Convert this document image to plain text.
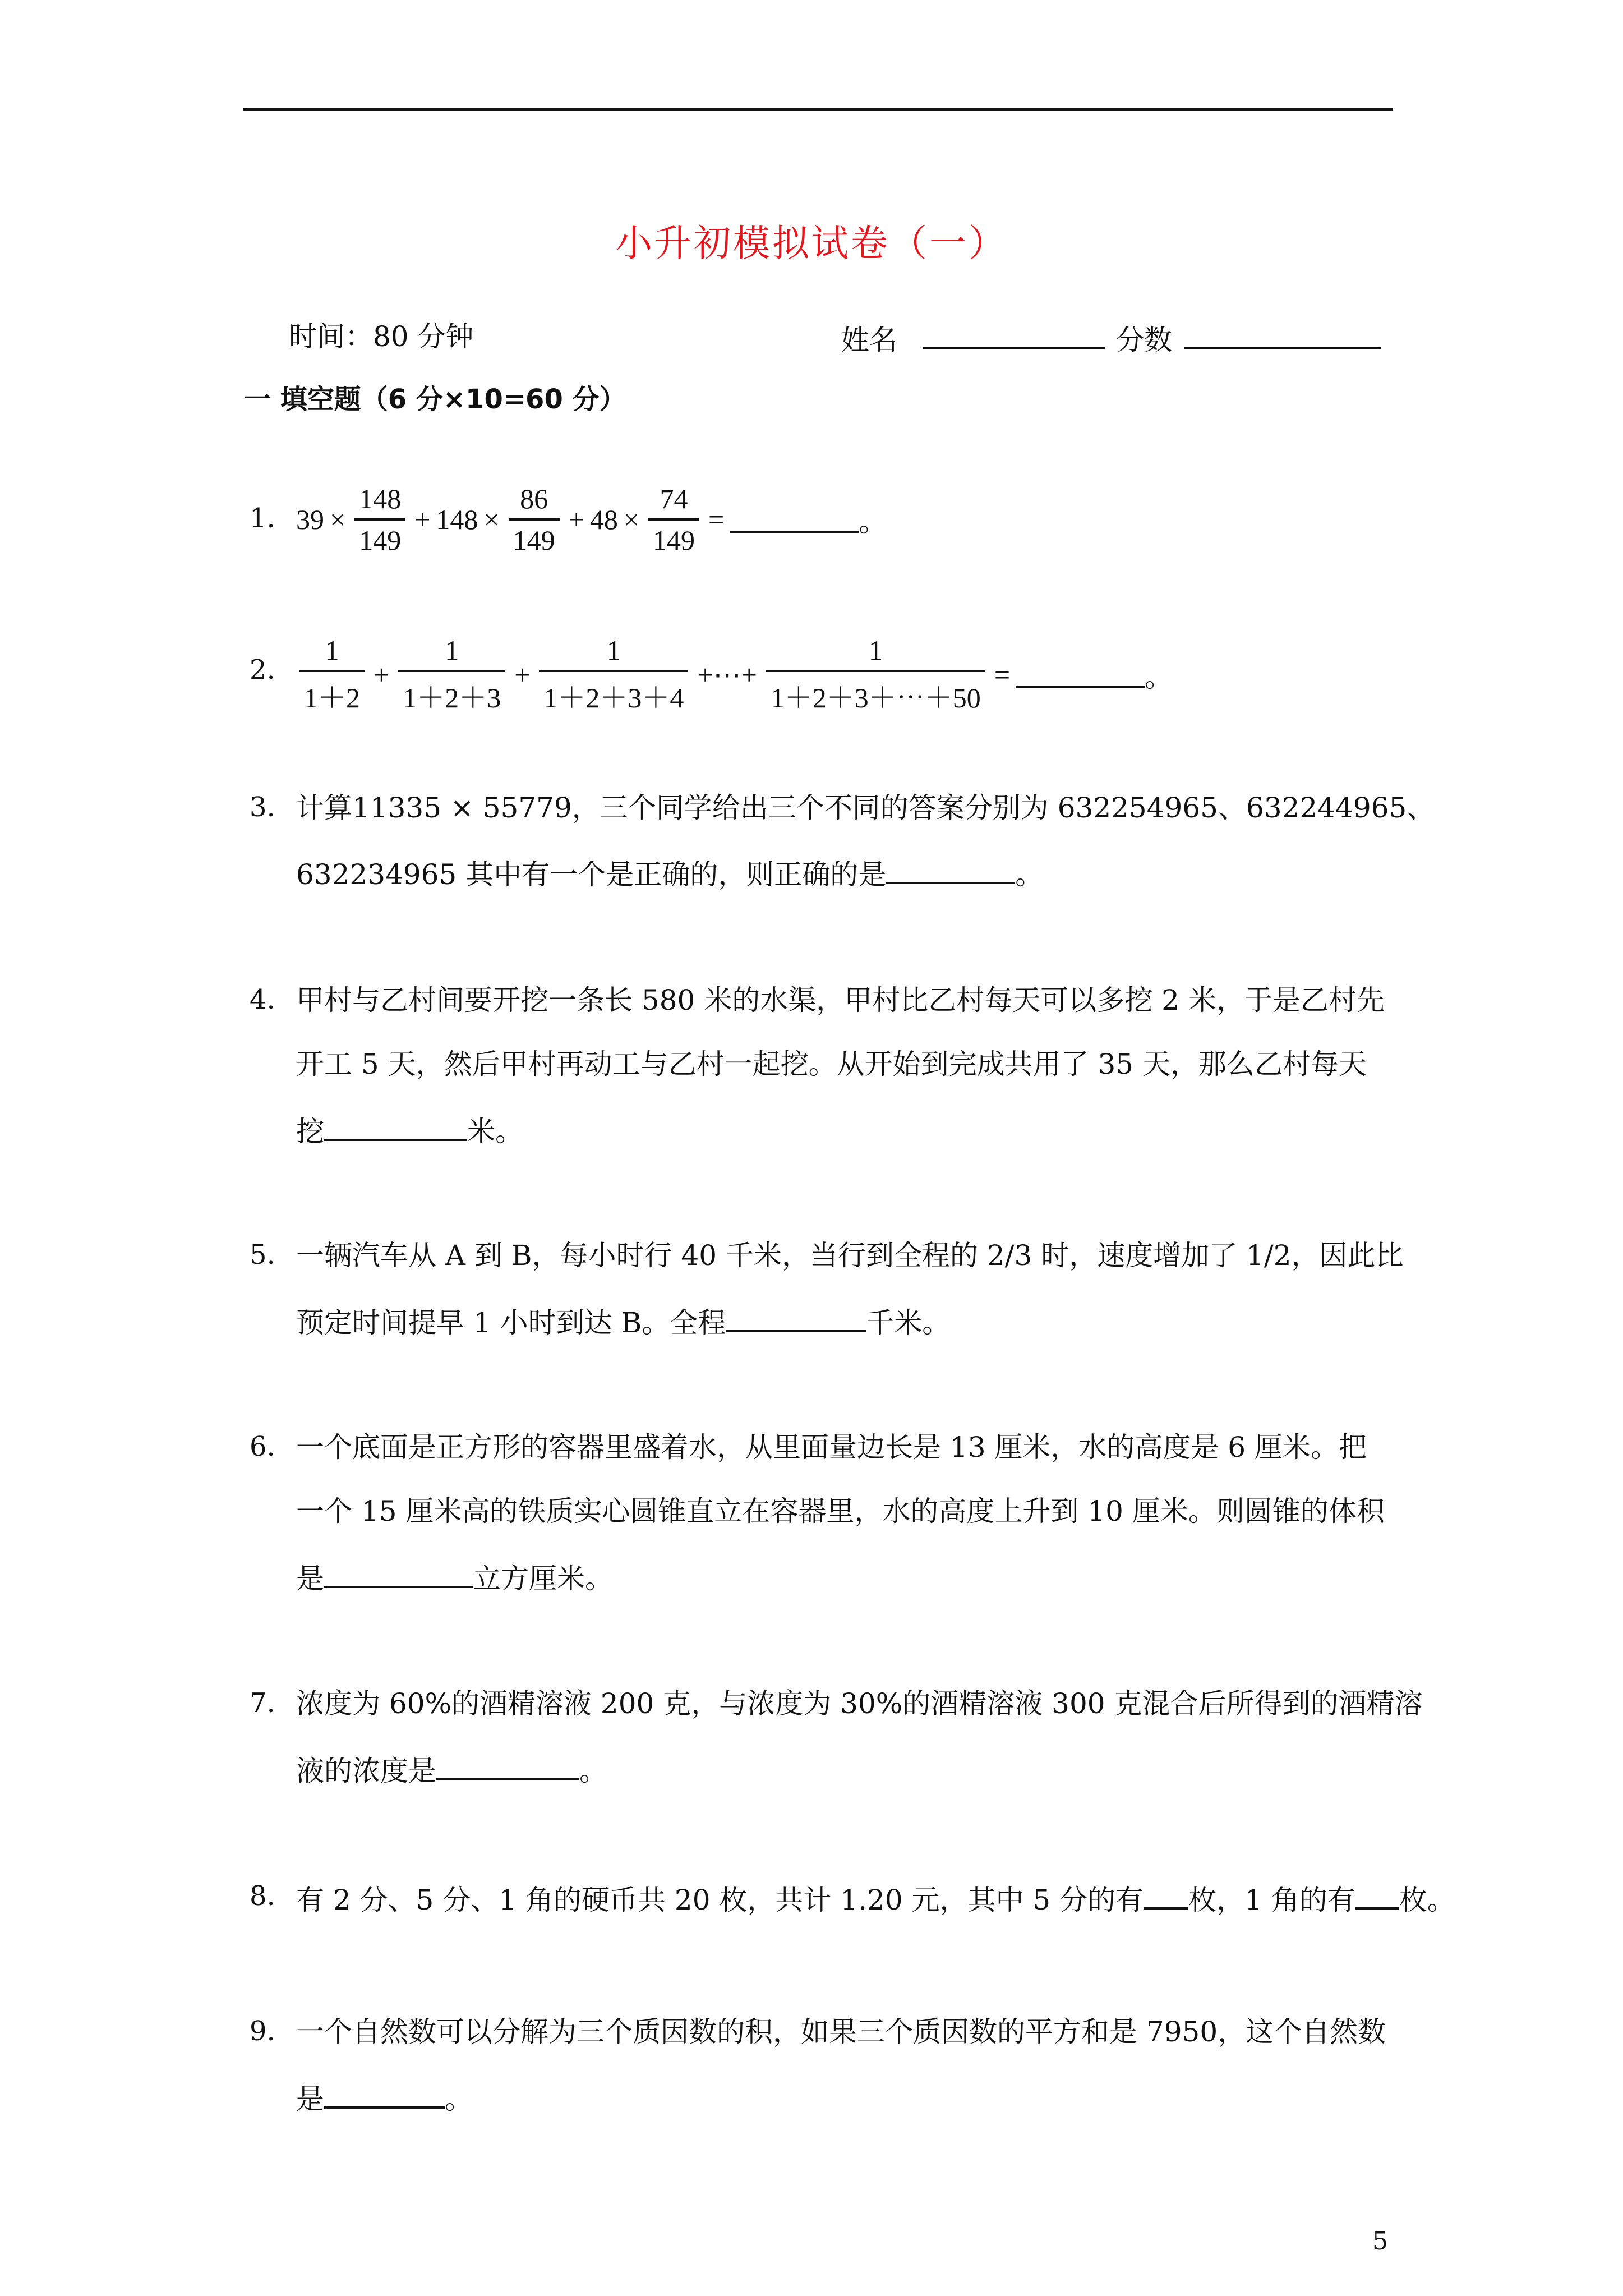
小升初模拟试卷（一）
时间：80 分钟	姓名	分数
一 填空题（6 分×10=60 分）
1. $39 \times \frac{148}{149} + 148 \times \frac{86}{149} + 48 \times \frac{74}{149}$ =	。
2. $\frac{1}{1+2} + \frac{1}{1+2+3} + \frac{1}{1+2+3+4}$ +⋯+ $\frac{1}{1+2+3+\cdots+50}$ =	。
3. 计算11335 × 55779，三个同学给出三个不同的答案分别为 632254965、632244965、
632234965 其中有一个是正确的，则正确的是	。
4. 甲村与乙村间要开挖一条长 580 米的水渠，甲村比乙村每天可以多挖 2 米，于是乙村先
开工 5 天，然后甲村再动工与乙村一起挖。从开始到完成共用了 35 天，那么乙村每天
挖	米。
5. 一辆汽车从 A 到 B，每小时行 40 千米，当行到全程的 2/3 时，速度增加了 1/2，因此比
预定时间提早 1 小时到达 B。全程	千米。
6. 一个底面是正方形的容器里盛着水，从里面量边长是 13 厘米，水的高度是 6 厘米。把
一个 15 厘米高的铁质实心圆锥直立在容器里，水的高度上升到 10 厘米。则圆锥的体积
是	立方厘米。
7. 浓度为 60%的酒精溶液 200 克，与浓度为 30%的酒精溶液 300 克混合后所得到的酒精溶
液的浓度是	。
8. 有 2 分、5 分、1 角的硬币共 20 枚，共计 1.20 元，其中 5 分的有 枚，1 角的有 枚。
9. 一个自然数可以分解为三个质因数的积，如果三个质因数的平方和是 7950，这个自然数
是	。
5
